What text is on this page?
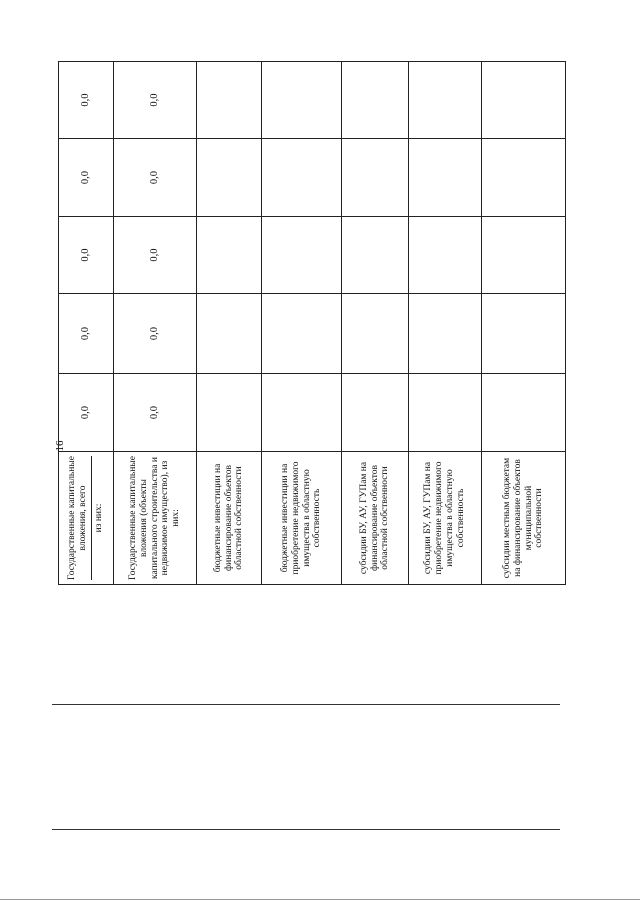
16
Государственные капитальные вложения, всего из них:	0,0	0,0	0,0	0,0	0,0
Государственные капитальные вложения (объекты капитального строительства и недвижимое имущество), из них:	0,0	0,0	0,0	0,0	0,0
бюджетные инвестиции на финансирование объектов областной собственности					
бюджетные инвестиции на приобретение недвижимого имущества в областную собственность					
субсидии БУ, АУ, ГУПам на финансирование объектов областной собственности					
субсидии БУ, АУ, ГУПам на приобретение недвижимого имущества в областную собственность					
субсидии местным бюджетам на финансирование объектов муниципальной собственности					
